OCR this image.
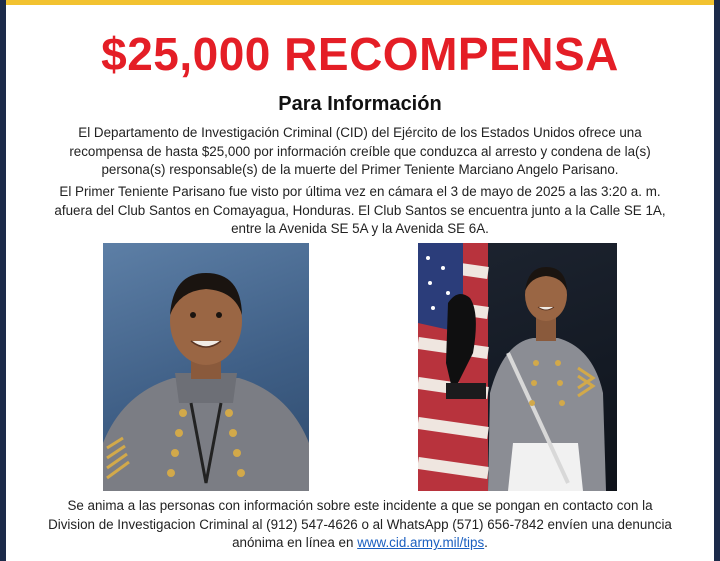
$25,000 RECOMPENSA
Para Información
El Departamento de Investigación Criminal (CID) del Ejército de los Estados Unidos ofrece una recompensa de hasta $25,000 por información creíble que conduzca al arresto y condena de la(s) persona(s) responsable(s) de la muerte del Primer Teniente Marciano Angelo Parisano.
El Primer Teniente Parisano fue visto por última vez en cámara el 3 de mayo de 2025 a las 3:20 a. m. afuera del Club Santos en Comayagua, Honduras. El Club Santos se encuentra junto a la Calle SE 1A, entre la Avenida SE 5A y la Avenida SE 6A.
Se anima a las personas con información sobre este incidente a que se pongan en contacto con la Division de Investigacion Criminal al (912) 547-4626 o al WhatsApp (571) 656-7842 envíen una denuncia anónima en línea en www.cid.army.mil/tips.
